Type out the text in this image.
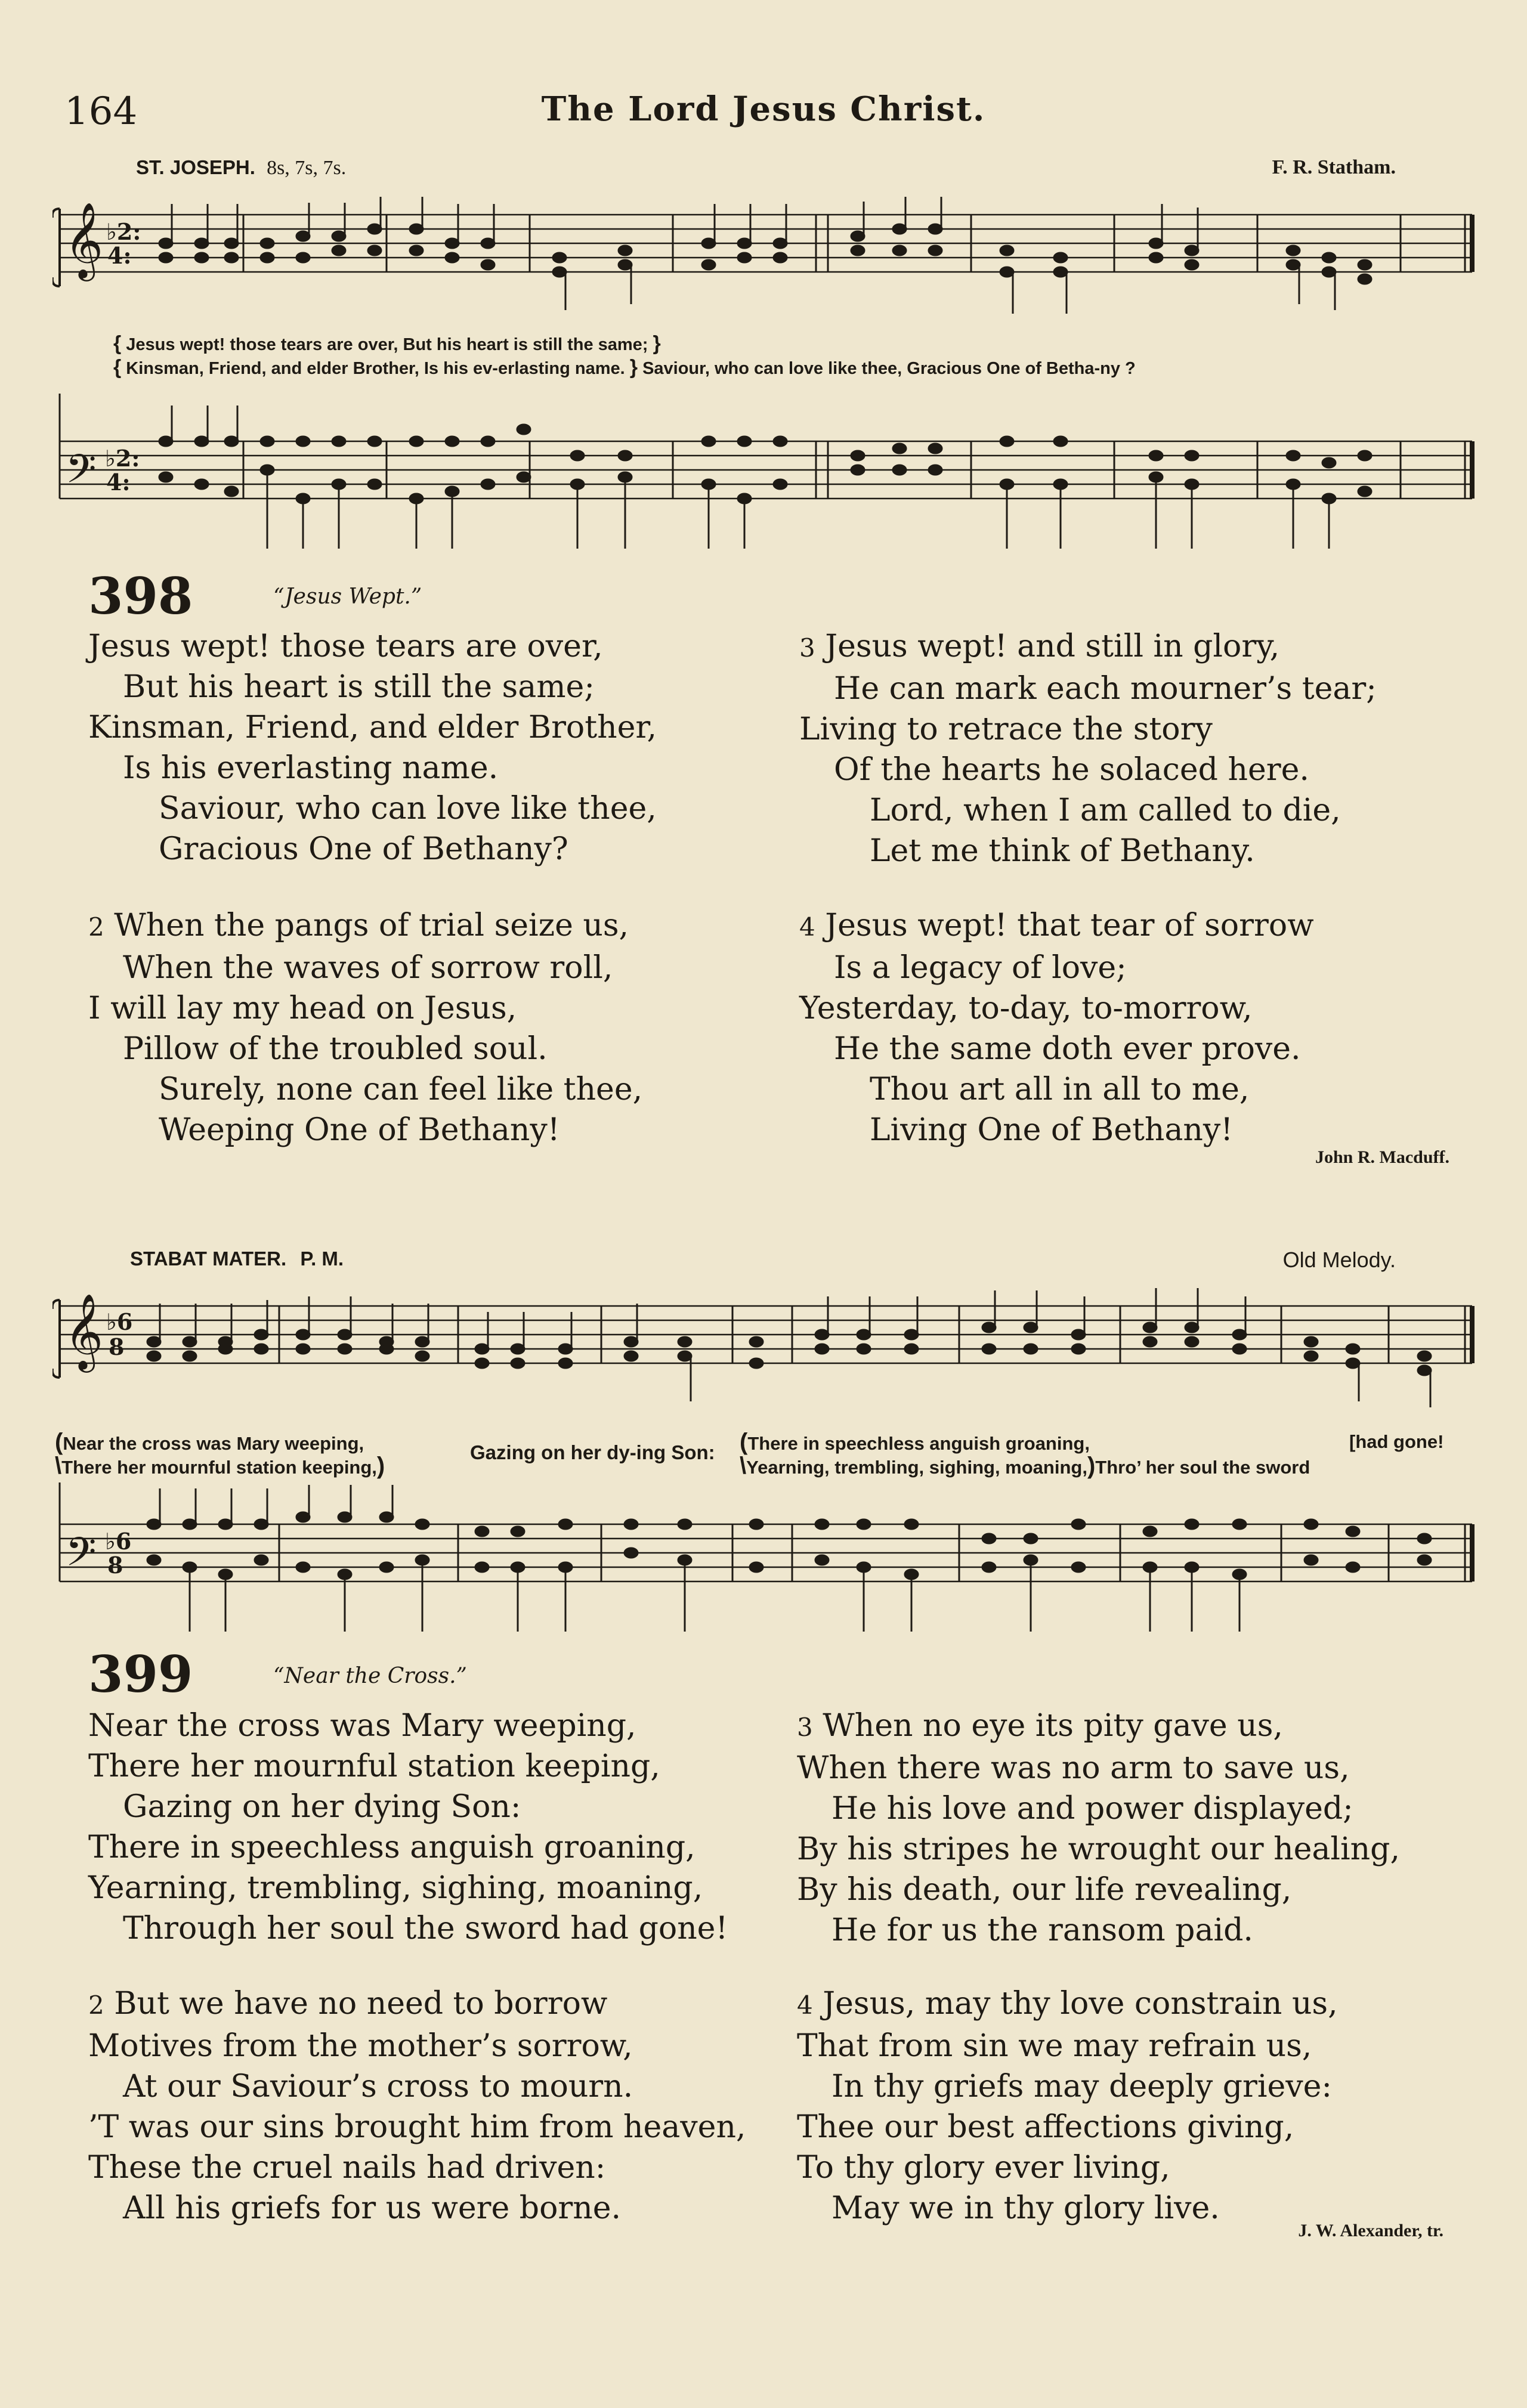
164	The Lord Jesus Christ.
ST. JOSEPH. 8s, 7s, 7s.	F. R. Statham.
𝄞 ♭2:
4:
{ Jesus wept! those tears are over, But his heart is still the same; }
{ Kinsman, Friend, and elder Brother, Is his ev-erlasting name. } Saviour, who can love like thee, Gracious One of Betha-ny ?
𝄢 ♭2:
4:
398	“Jesus Wept.”
Jesus wept! those tears are over,
But his heart is still the same;
Kinsman, Friend, and elder Brother,
Is his everlasting name.
Saviour, who can love like thee,
Gracious One of Bethany?
2 When the pangs of trial seize us,
When the waves of sorrow roll,
I will lay my head on Jesus,
Pillow of the troubled soul.
Surely, none can feel like thee,
Weeping One of Bethany!
3 Jesus wept! and still in glory,
He can mark each mourner’s tear;
Living to retrace the story
Of the hearts he solaced here.
Lord, when I am called to die,
Let me think of Bethany.
4 Jesus wept! that tear of sorrow
Is a legacy of love;
Yesterday, to-day, to-morrow,
He the same doth ever prove.
Thou art all in all to me,
Living One of Bethany!
John R. Macduff.
STABAT MATER. P. M.	Old Melody.
𝄞 ♭6
8
(Near the cross was Mary weeping,
\There her mournful station keeping,)
Gazing on her dy-ing Son: (There in speechless anguish groaning,
\Yearning, trembling, sighing, moaning,)Thro’ her soul the sword
[had gone!
𝄢 ♭6
8
399	“Near the Cross.”
Near the cross was Mary weeping,
There her mournful station keeping,
Gazing on her dying Son:
There in speechless anguish groaning,
Yearning, trembling, sighing, moaning,
Through her soul the sword had gone!
2 But we have no need to borrow
Motives from the mother’s sorrow,
At our Saviour’s cross to mourn.
’T was our sins brought him from heaven,
These the cruel nails had driven:
All his griefs for us were borne.
3 When no eye its pity gave us,
When there was no arm to save us,
He his love and power displayed;
By his stripes he wrought our healing,
By his death, our life revealing,
He for us the ransom paid.
4 Jesus, may thy love constrain us,
That from sin we may refrain us,
In thy griefs may deeply grieve:
Thee our best affections giving,
To thy glory ever living,
May we in thy glory live.
J. W. Alexander, tr.
